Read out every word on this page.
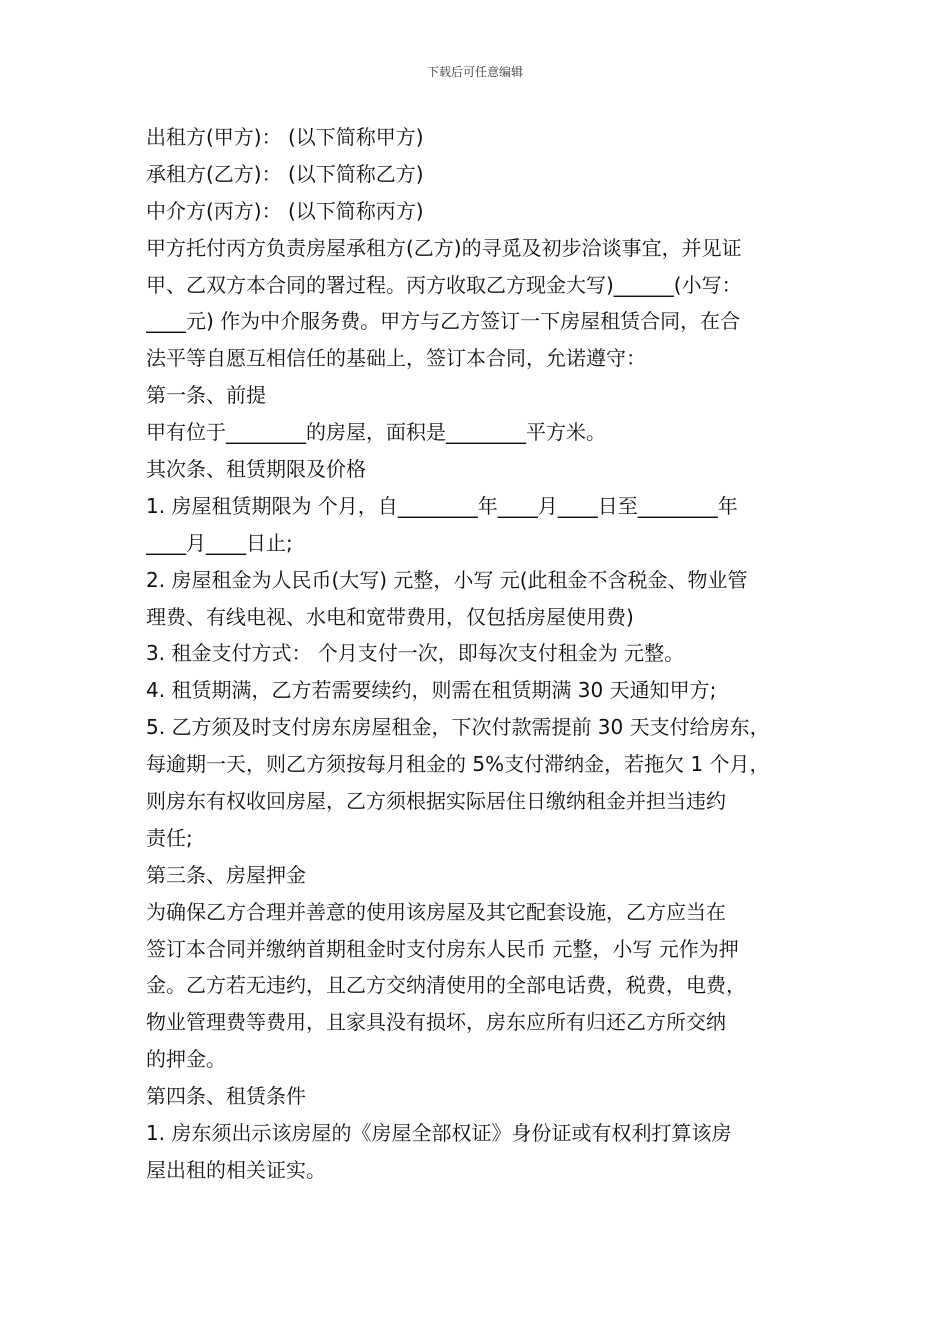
下载后可任意编辑
出租方(甲方)： (以下简称甲方)
承租方(乙方)： (以下简称乙方)
中介方(丙方)： (以下简称丙方)
甲方托付丙方负责房屋承租方(乙方)的寻觅及初步洽谈事宜，并见证
甲、乙双方本合同的署过程。丙方收取乙方现金大写)______(小写：
____元) 作为中介服务费。甲方与乙方签订一下房屋租赁合同，在合
法平等自愿互相信任的基础上，签订本合同，允诺遵守：
第一条、前提
甲有位于________的房屋，面积是________平方米。
其次条、租赁期限及价格
1. 房屋租赁期限为 个月，自________年____月____日至________年
____月____日止;
2. 房屋租金为人民币(大写) 元整，小写 元(此租金不含税金、物业管
理费、有线电视、水电和宽带费用，仅包括房屋使用费)
3. 租金支付方式： 个月支付一次，即每次支付租金为 元整。
4. 租赁期满，乙方若需要续约，则需在租赁期满 30 天通知甲方;
5. 乙方须及时支付房东房屋租金，下次付款需提前 30 天支付给房东，
每逾期一天，则乙方须按每月租金的 5%支付滞纳金，若拖欠 1 个月，
则房东有权收回房屋，乙方须根据实际居住日缴纳租金并担当违约
责任;
第三条、房屋押金
为确保乙方合理并善意的使用该房屋及其它配套设施，乙方应当在
签订本合同并缴纳首期租金时支付房东人民币 元整，小写 元作为押
金。乙方若无违约，且乙方交纳清使用的全部电话费，税费，电费，
物业管理费等费用，且家具没有损坏，房东应所有归还乙方所交纳
的押金。
第四条、租赁条件
1. 房东须出示该房屋的《房屋全部权证》身份证或有权利打算该房
屋出租的相关证实。
